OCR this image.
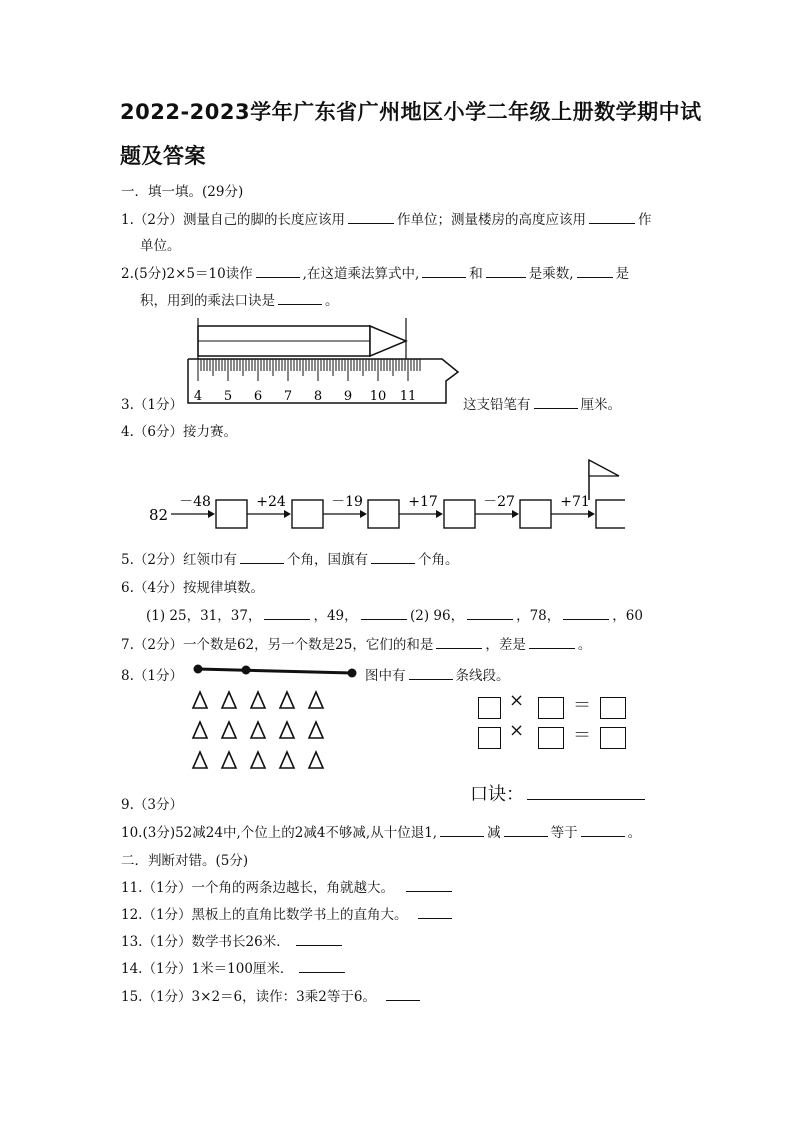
2022-2023学年广东省广州地区小学二年级上册数学期中试
题及答案
一．填一填。(29分)
1.（2分）测量自己的脚的长度应该用	作单位；测量楼房的高度应该用	作
单位。
2.(5分)2×5＝10读作	,在这道乘法算式中,	和	是乘数,	是
积，用到的乘法口诀是	。
4 5 6 7 8 9 10 11
3.（1分）	这支铅笔有	厘米。
4.（6分）接力赛。
82
－48	+24	－19	+17	－27	+71
5.（2分）红领巾有	个角，国旗有	个角。
6.（4分）按规律填数。
(1) 25，31，37，	，49，	(2) 96，	，78，	，60
7.（2分）一个数是62，另一个数是25，它们的和是	，差是	。
8.（1分）	图中有	条线段。
×	＝
×	＝
口诀：
9.（3分）
10.(3分)52减24中,个位上的2减4不够减,从十位退1,	减	等于	。
二．判断对错。(5分)
11.（1分）一个角的两条边越长，角就越大。
12.（1分）黑板上的直角比数学书上的直角大。
13.（1分）数学书长26米．
14.（1分）1米＝100厘米．
15.（1分）3×2＝6，读作：3乘2等于6。
